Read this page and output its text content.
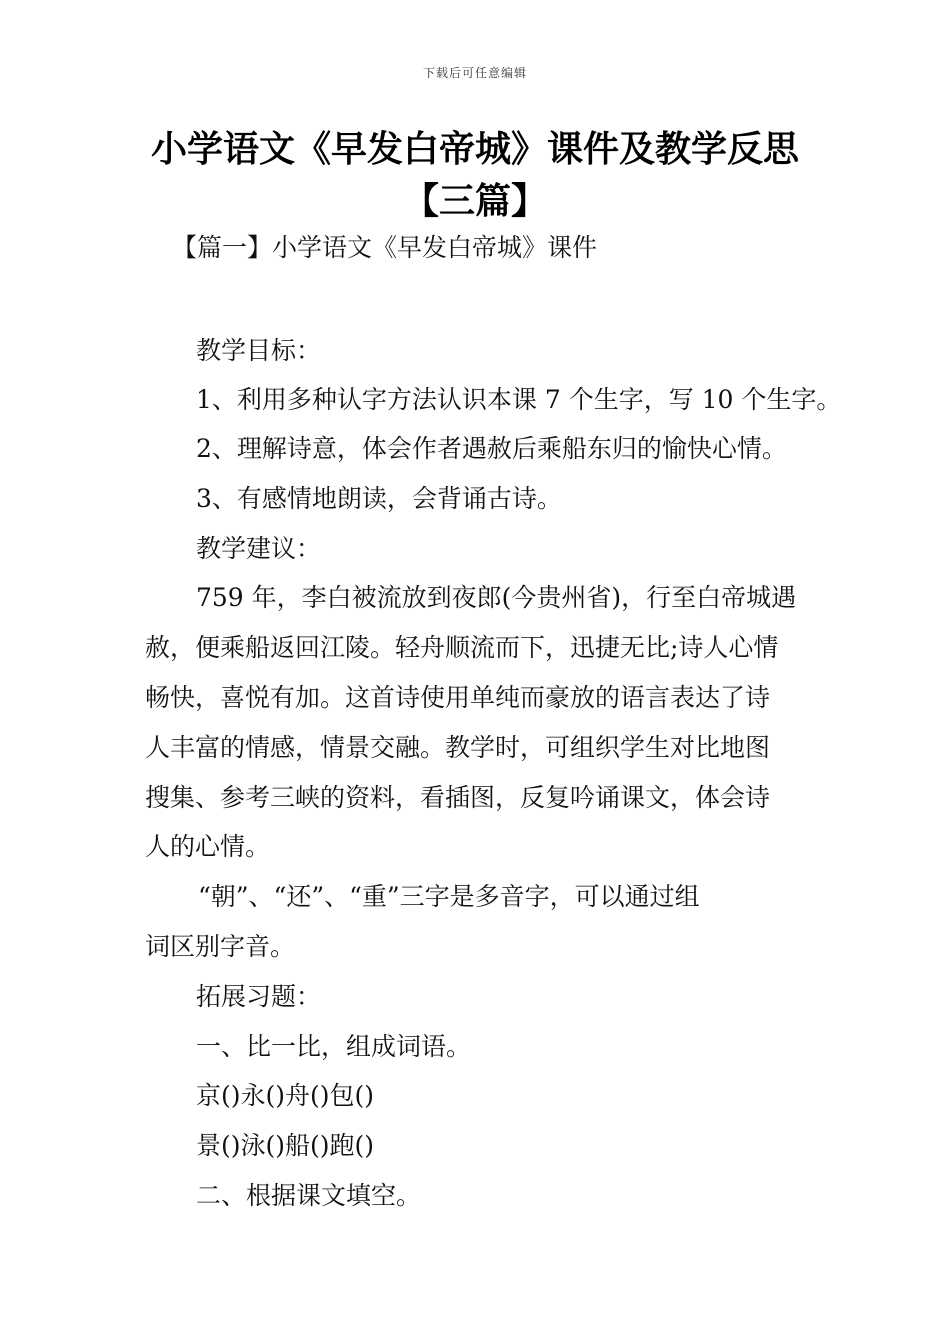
下载后可任意编辑
小学语文《早发白帝城》课件及教学反思
【三篇】
【篇一】小学语文《早发白帝城》课件
教学目标：
1、利用多种认字方法认识本课 7 个生字，写 10 个生字。
2、理解诗意，体会作者遇赦后乘船东归的愉快心情。
3、有感情地朗读，会背诵古诗。
教学建议：
759 年，李白被流放到夜郎(今贵州省)，行至白帝城遇
赦，便乘船返回江陵。轻舟顺流而下，迅捷无比;诗人心情
畅快，喜悦有加。这首诗使用单纯而豪放的语言表达了诗
人丰富的情感，情景交融。教学时，可组织学生对比地图
搜集、参考三峡的资料，看插图，反复吟诵课文，体会诗
人的心情。
“朝”、“还”、“重”三字是多音字，可以通过组
词区别字音。
拓展习题：
一、比一比，组成词语。
京()永()舟()包()
景()泳()船()跑()
二、根据课文填空。
